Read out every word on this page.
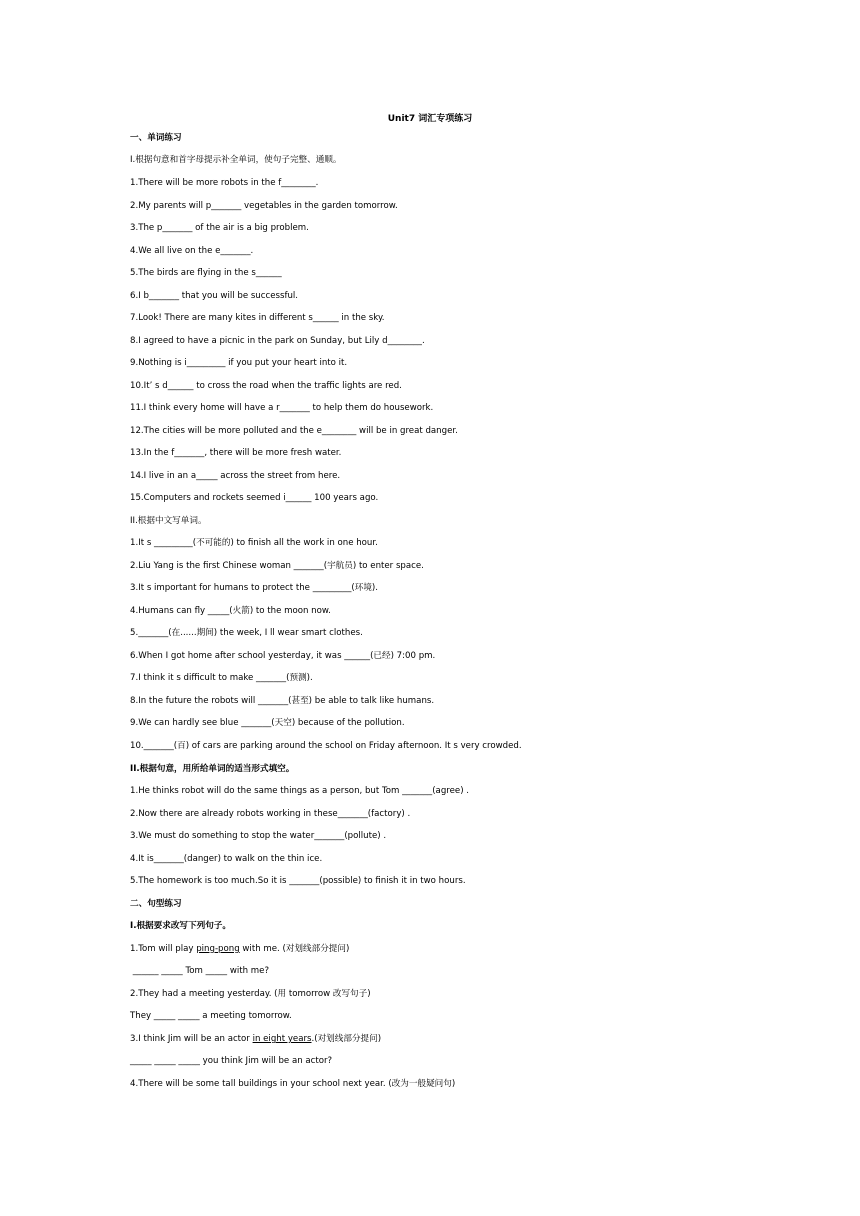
Unit7 词汇专项练习
一、单词练习
Ⅰ.根据句意和首字母提示补全单词，使句子完整、通顺。
1.There will be more robots in the f________.
2.My parents will p_______ vegetables in the garden tomorrow.
3.The p_______ of the air is a big problem.
4.We all live on the e_______.
5.The birds are flying in the s______
6.I b_______ that you will be successful.
7.Look! There are many kites in different s______ in the sky.
8.I agreed to have a picnic in the park on Sunday, but Lily d________.
9.Nothing is i_________ if you put your heart into it.
10.It’ s d______ to cross the road when the traffic lights are red.
11.I think every home will have a r_______ to help them do housework.
12.The cities will be more polluted and the e________ will be in great danger.
13.In the f_______, there will be more fresh water.
14.I live in an a_____ across the street from here.
15.Computers and rockets seemed i______ 100 years ago.
II.根据中文写单词。
1.It s _________(不可能的) to finish all the work in one hour.
2.Liu Yang is the first Chinese woman _______(宇航员) to enter space.
3.It s important for humans to protect the _________(环境).
4.Humans can fly _____(火箭) to the moon now.
5._______(在......期间) the week, I ll wear smart clothes.
6.When I got home after school yesterday, it was ______(已经) 7:00 pm.
7.I think it s difficult to make _______(预测).
8.In the future the robots will _______(甚至) be able to talk like humans.
9.We can hardly see blue _______(天空) because of the pollution.
10._______(百) of cars are parking around the school on Friday afternoon. It s very crowded.
II.根据句意，用所给单词的适当形式填空。
1.He thinks robot will do the same things as a person, but Tom _______(agree) .
2.Now there are already robots working in these_______(factory) .
3.We must do something to stop the water_______(pollute) .
4.It is_______(danger) to walk on the thin ice.
5.The homework is too much.So it is _______(possible) to finish it in two hours.
二、句型练习
I.根据要求改写下列句子。
1.Tom will play ping-pong with me. (对划线部分提问)
______ _____ Tom _____ with me?
2.They had a meeting yesterday. (用 tomorrow 改写句子)
They _____ _____ a meeting tomorrow.
3.I think Jim will be an actor in eight years.(对划线部分提问)
_____ _____ _____ you think Jim will be an actor?
4.There will be some tall buildings in your school next year. (改为一般疑问句)
